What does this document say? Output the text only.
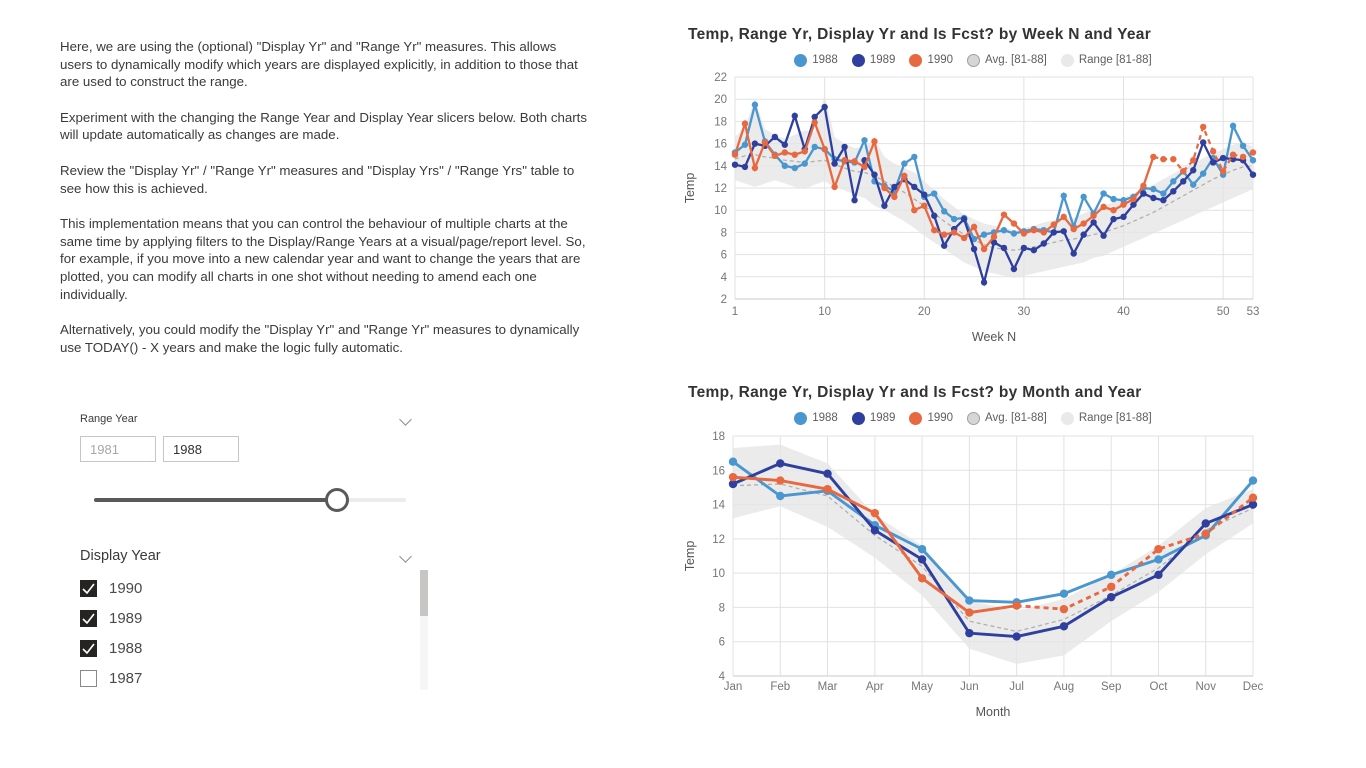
Here, we are using the (optional) "Display Yr" and "Range Yr" measures. This allows users to dynamically modify which years are displayed explicitly, in addition to those that are used to construct the range.

Experiment with the changing the Range Year and Display Year slicers below. Both charts will update automatically as changes are made.

Review the "Display Yr" / "Range Yr" measures and "Display Yrs" / "Range Yrs" table to see how this is achieved.

This implementation means that you can control the behaviour of multiple charts at the same time by applying filters to the Display/Range Years at a visual/page/report level. So, for example, if you move into a new calendar year and want to change the years that are plotted, you can modify all charts in one shot without needing to amend each one individually.

Alternatively, you could modify the "Display Yr" and "Range Yr" measures to dynamically use TODAY() - X years and make the logic fully automatic.

Range Year
1981	1988
Display Year
1990
1989
1988
1987
Temp, Range Yr, Display Yr and Is Fcst? by Week N and Year
1988	1989	1990	Avg. [81-88]	Range [81-88]
2
4
6
8
10
12
14
16
18
20
22
1	10	20	30	40	50 53
Week N
Temp
Temp, Range Yr, Display Yr and Is Fcst? by Month and Year
1988	1989	1990	Avg. [81-88]	Range [81-88]
4
6
8
10
12
14
16
18
Jan Feb Mar Apr May Jun	Jul	Aug Sep Oct Nov Dec
Month
Temp
